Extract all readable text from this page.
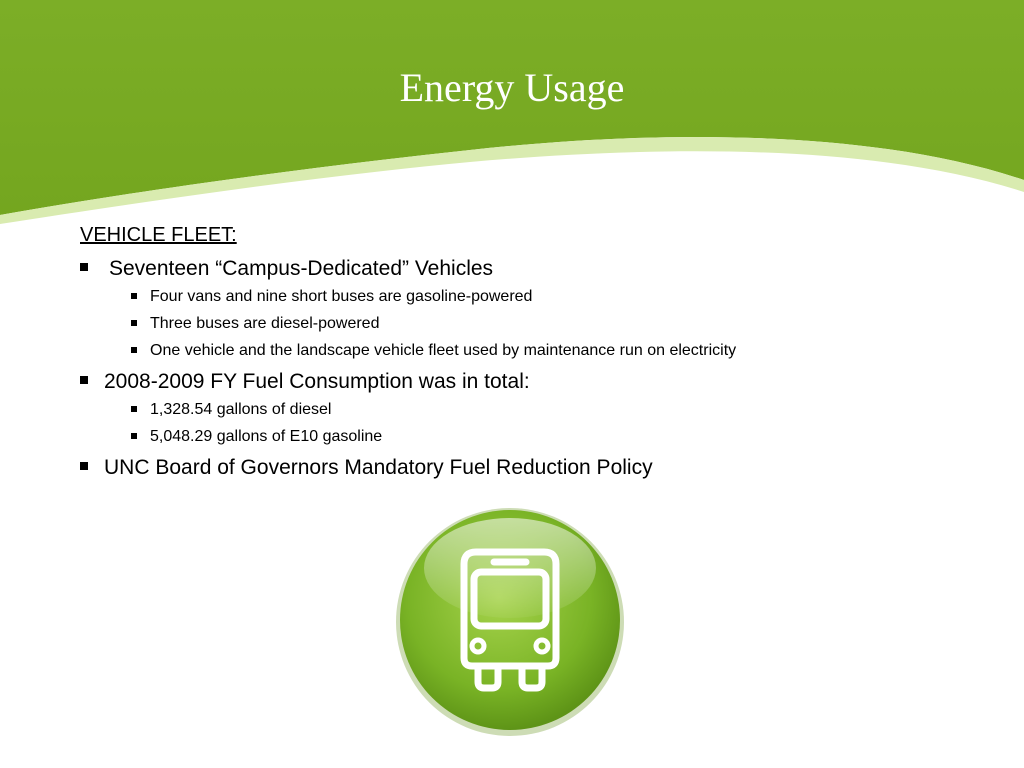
Energy Usage
VEHICLE FLEET:
Seventeen “Campus-Dedicated” Vehicles
Four vans and nine short buses are gasoline-powered
Three buses are diesel-powered
One vehicle and the landscape vehicle fleet used by maintenance run on electricity
2008-2009 FY Fuel Consumption was in total:
1,328.54 gallons of diesel
5,048.29 gallons of E10 gasoline
UNC Board of Governors Mandatory Fuel Reduction Policy
